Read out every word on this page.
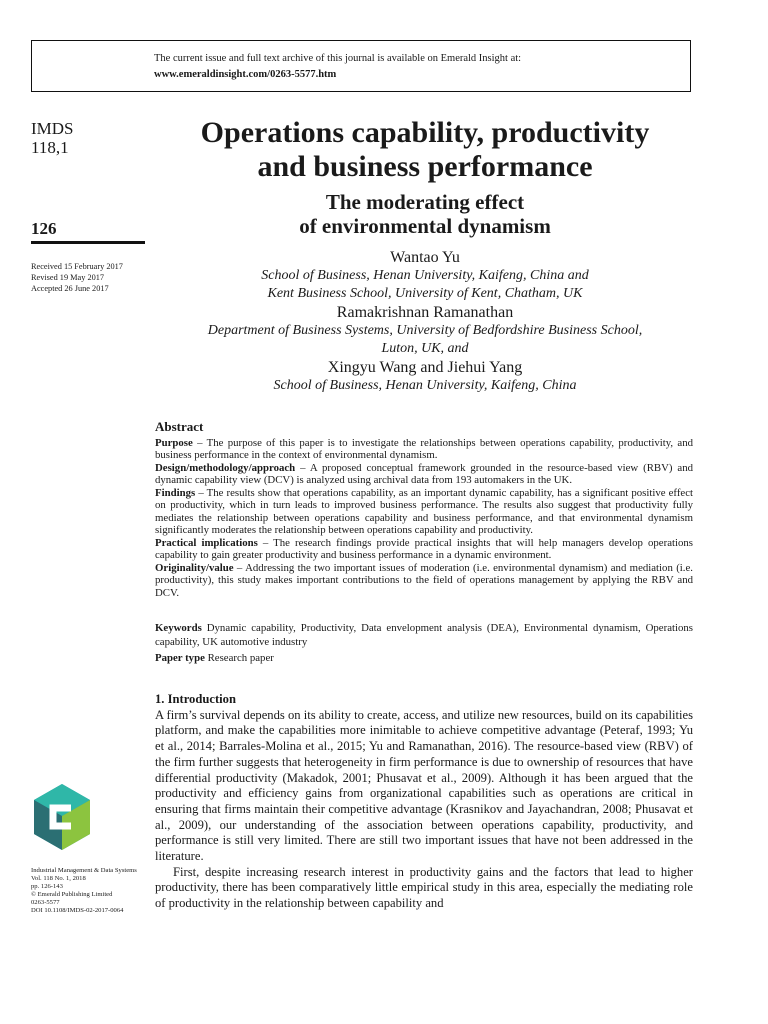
The current issue and full text archive of this journal is available on Emerald Insight at:
www.emeraldinsight.com/0263-5577.htm
IMDS
118,1
126
Received 15 February 2017
Revised 19 May 2017
Accepted 26 June 2017
Operations capability, productivity
and business performance
The moderating effect
of environmental dynamism
Wantao Yu
School of Business, Henan University, Kaifeng, China and
Kent Business School, University of Kent, Chatham, UK
Ramakrishnan Ramanathan
Department of Business Systems, University of Bedfordshire Business School,
Luton, UK, and
Xingyu Wang and Jiehui Yang
School of Business, Henan University, Kaifeng, China
Abstract
Purpose – The purpose of this paper is to investigate the relationships between operations capability, productivity, and business performance in the context of environmental dynamism.
Design/methodology/approach – A proposed conceptual framework grounded in the resource-based view (RBV) and dynamic capability view (DCV) is analyzed using archival data from 193 automakers in the UK.
Findings – The results show that operations capability, as an important dynamic capability, has a significant positive effect on productivity, which in turn leads to improved business performance. The results also suggest that productivity fully mediates the relationship between operations capability and business performance, and that environmental dynamism significantly moderates the relationship between operations capability and productivity.
Practical implications – The research findings provide practical insights that will help managers develop operations capability to gain greater productivity and business performance in a dynamic environment.
Originality/value – Addressing the two important issues of moderation (i.e. environmental dynamism) and mediation (i.e. productivity), this study makes important contributions to the field of operations management by applying the RBV and DCV.
Keywords Dynamic capability, Productivity, Data envelopment analysis (DEA), Environmental dynamism, Operations capability, UK automotive industry
Paper type Research paper
1. Introduction
A firm’s survival depends on its ability to create, access, and utilize new resources, build on its capabilities platform, and make the capabilities more inimitable to achieve competitive advantage (Peteraf, 1993; Yu et al., 2014; Barrales-Molina et al., 2015; Yu and Ramanathan, 2016). The resource-based view (RBV) of the firm further suggests that heterogeneity in firm performance is due to ownership of resources that have differential productivity (Makadok, 2001; Phusavat et al., 2009). Although it has been argued that the productivity and efficiency gains from organizational capabilities such as operations are critical in ensuring that firms maintain their competitive advantage (Krasnikov and Jayachandran, 2008; Phusavat et al., 2009), our understanding of the association between operations capability, productivity, and performance is still very limited. There are still two important issues that have not been addressed in the literature.
First, despite increasing research interest in productivity gains and the factors that lead to higher productivity, there has been comparatively little empirical study in this area, especially the mediating role of productivity in the relationship between capability and
Industrial Management & Data Systems
Vol. 118 No. 1, 2018
pp. 126-143
© Emerald Publishing Limited
0263-5577
DOI 10.1108/IMDS-02-2017-0064
